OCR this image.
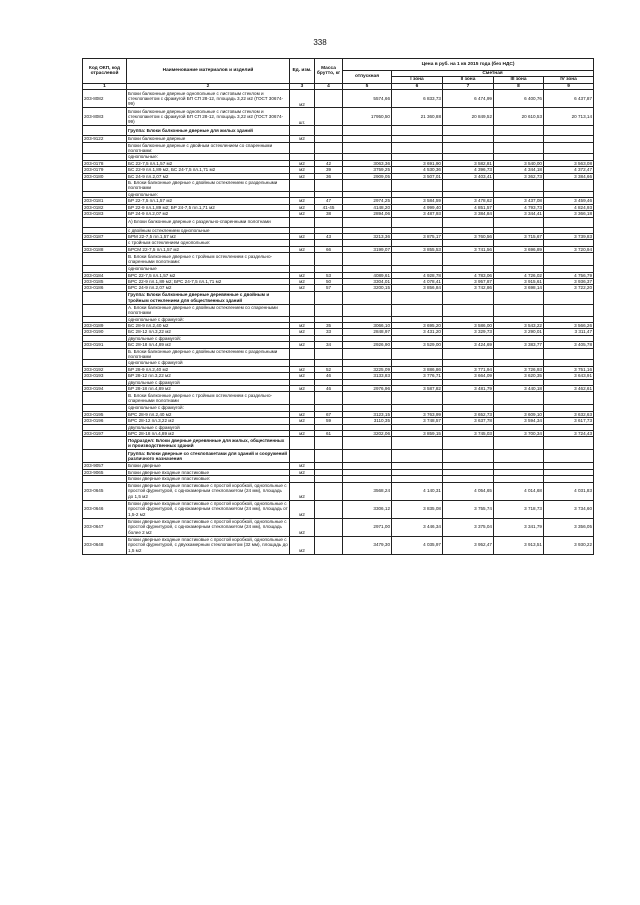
338
Код ОКП, код отраслевой	Наименование материалов и изделий	Ед. изм.	Масса брутто, кг	Цена в руб. на 1 кв 2015 года (без НДС)				
				отпускная	Сметная			
					I зона	II зона	III зона	IV зона
1	2	3	4	5	6	7	8	9
203-8082	Блоки балконные дверные однопольные с листовым стеклом и стеклопакетом с фрамугой БП СП 28-12, площадь 3,22 м2 (ГОСТ 30674-99)	м2		5574,66	6 833,73	6 474,99	6 400,76	6 437,87
203-8083	Блоки балконные дверные однопольные с листовым стеклом и стеклопакетом с фрамугой БП СП 28-12, площадь 3,22 м2 (ГОСТ 30674-99)	шт.		17950,50	21 360,88	20 849,52	20 610,53	20 713,14
	Группа: Блоки балконные дверные для жилых зданий							
203-9122	Блоки балконные дверные	м2						
	Блоки балконные дверные с двойным остеклением со спаренными полотнами:							
	однопольные:							
203-0178	БС 22-7,5 пл.1,57 м2	м2	42	3063,36	3 691,90	3 582,81	3 540,00	3 563,08
203-0179	БС 22-9 пл.1,89 м2, БС 24-7,5 пл.1,71 м2	м2	39	3759,25	4 530,36	4 396,73	4 344,18	4 372,47
203-0180	БС 24-9 пл.2,07 м2	м2	36	2909,05	3 507,01	3 403,41	3 362,73	3 384,66
	Б. Блоки балконные дверные с двойным остеклением с раздельными полотнами							
	однопольные:							
203-0181	БР 22-7,5 пл.1,57 м2	м2	47	2974,25	3 584,59	3 478,62	3 437,08	3 459,46
203-0182	БР 22-9 пл.1,89 м2; БР 24-7,5 пл.1,71 м2	м2	41-45	4148,20	4 999,40	4 851,57	4 793,73	4 824,93
203-0183	БР 24-9 пл.2,07 м2	м2	38	2894,06	3 487,93	3 384,84	3 344,41	3 366,18
	А) Блоки балконные дверные с раздельно-спаренными полотнами							
	с двойным остеклением однопольные							
203-0187	БРМ 22-7,5 пл.1,57 м2	м2	43	3213,36	3 875,17	3 760,56	3 715,67	3 739,83
	с тройным остеклением однопольные:							
203-0188	БРСМ 22-7,5 пл.1,57 м2	м2	66	3199,07	3 855,53	3 741,56	3 696,89	3 720,94
	В. Блоки балконные дверные с тройным остеклением с раздельно-спаренными полотнами:							
	однопольные							
203-0184	БРС 22-7,5 пл.1,57 м2	м2	53	4089,61	4 928,78	4 783,06	4 726,02	4 756,79
203-0185	БРС 22-9 пл.1,89 м2; БРС 24-7,5 пл.1,71 м2	м2	50	3304,01	4 078,41	3 957,87	3 915,61	3 936,37
203-0186	БРС 24-9 пл.2,07 м2	м2	57	3200,15	3 856,84	3 742,86	3 698,14	3 722,20
	Группа: Блоки балконные дверные деревянные с двойным и тройным остеклением для общественных зданий							
	А. Блоки балконные дверные с двойным остеклением со спаренными полотнами							
	однопольные с фрамугой:							
203-0189	БС 28-9 пл.2,40 м2	м2	35	3066,10	3 695,20	3 586,00	3 543,22	3 566,26
203-0190	БС 28-12 пл.3,22 м2	м2	33	2848,97	3 431,20	3 329,73	3 290,01	3 311,47
	двупольные с фрамугой:							
203-0191	БС 28-18 пл.4,89 м2	м2	34	2926,90	3 529,00	3 424,69	3 383,77	3 405,78
	Б. Блоки балконные дверные с двойным остеклением с раздельными полотнами							
	однопольные с фрамугой							
203-0192	БР 28-9 пл.2,40 м2	м2	52	3225,09	3 886,86	3 771,94	3 726,93	3 751,16
203-0193	БР 28-12 пл.3,22 м2	м2	46	3133,83	3 776,71	3 664,09	3 620,35	3 643,91
	двупольные с фрамугой							
203-0194	БР 28-18 пл.4,89 м2	м2	46	2976,96	3 587,82	3 481,79	3 440,18	3 462,61
	В. Блоки балконные дверные с тройным остеклением с раздельно-спаренными полотнами							
	однопольные с фрамугой:							
203-0195	БРС 28-9 пл.2,40 м2	м2	67	3123,15	3 763,99	3 652,73	3 609,10	3 632,63
203-0196	БРС 28-12 пл.3,22 м2	м2	59	3110,35	3 748,57	3 637,78	3 594,34	3 617,73
	двупольные с фрамугой							
203-0197	БРС 28-18 пл.4,89 м2	м2	61	3202,06	3 859,15	3 745,03	3 700,34	3 724,43
	Подраздел: Блоки дверные деревянные для жилых, общественных и производственных зданий							
	Группа: Блоки дверные со стеклопакетами для зданий и сооружений различного назначения							
203-9057	Блоки дверные	м2						
203-9065	Блоки дверные входные пластиковые	м2						
	Блоки дверные входные пластиковые:							
203-0645	Блоки дверные входные пластиковые с простой коробкой, однопольные с простой фурнитурой, с однокамерным стеклопакетом (24 мм), площадь до 1,5 м2	м2		3568,24	4 140,31	4 054,65	4 014,68	4 031,83
203-0646	Блоки дверные входные пластиковые с простой коробкой, однопольные с простой фурнитурой, с однокамерным стеклопакетом (24 мм), площадь от 1,5-2 м2	м2		3306,12	3 835,08	3 755,74	3 718,73	3 734,60
203-0647	Блоки дверные входные пластиковые с простой коробкой, однопольные с простой фурнитурой, с однокамерным стеклопакетом (24 мм), площадь более 2 м2	м2		2971,00	3 446,34	3 375,04	3 341,79	3 356,05
203-0648	Блоки дверные входные пластиковые с простой коробкой, однопольные с простой фурнитурой, с двухкамерным стеклопакетом (32 мм), площадь до 1,5 м2	м2		3479,30	4 035,97	3 952,47	3 913,51	3 930,22
